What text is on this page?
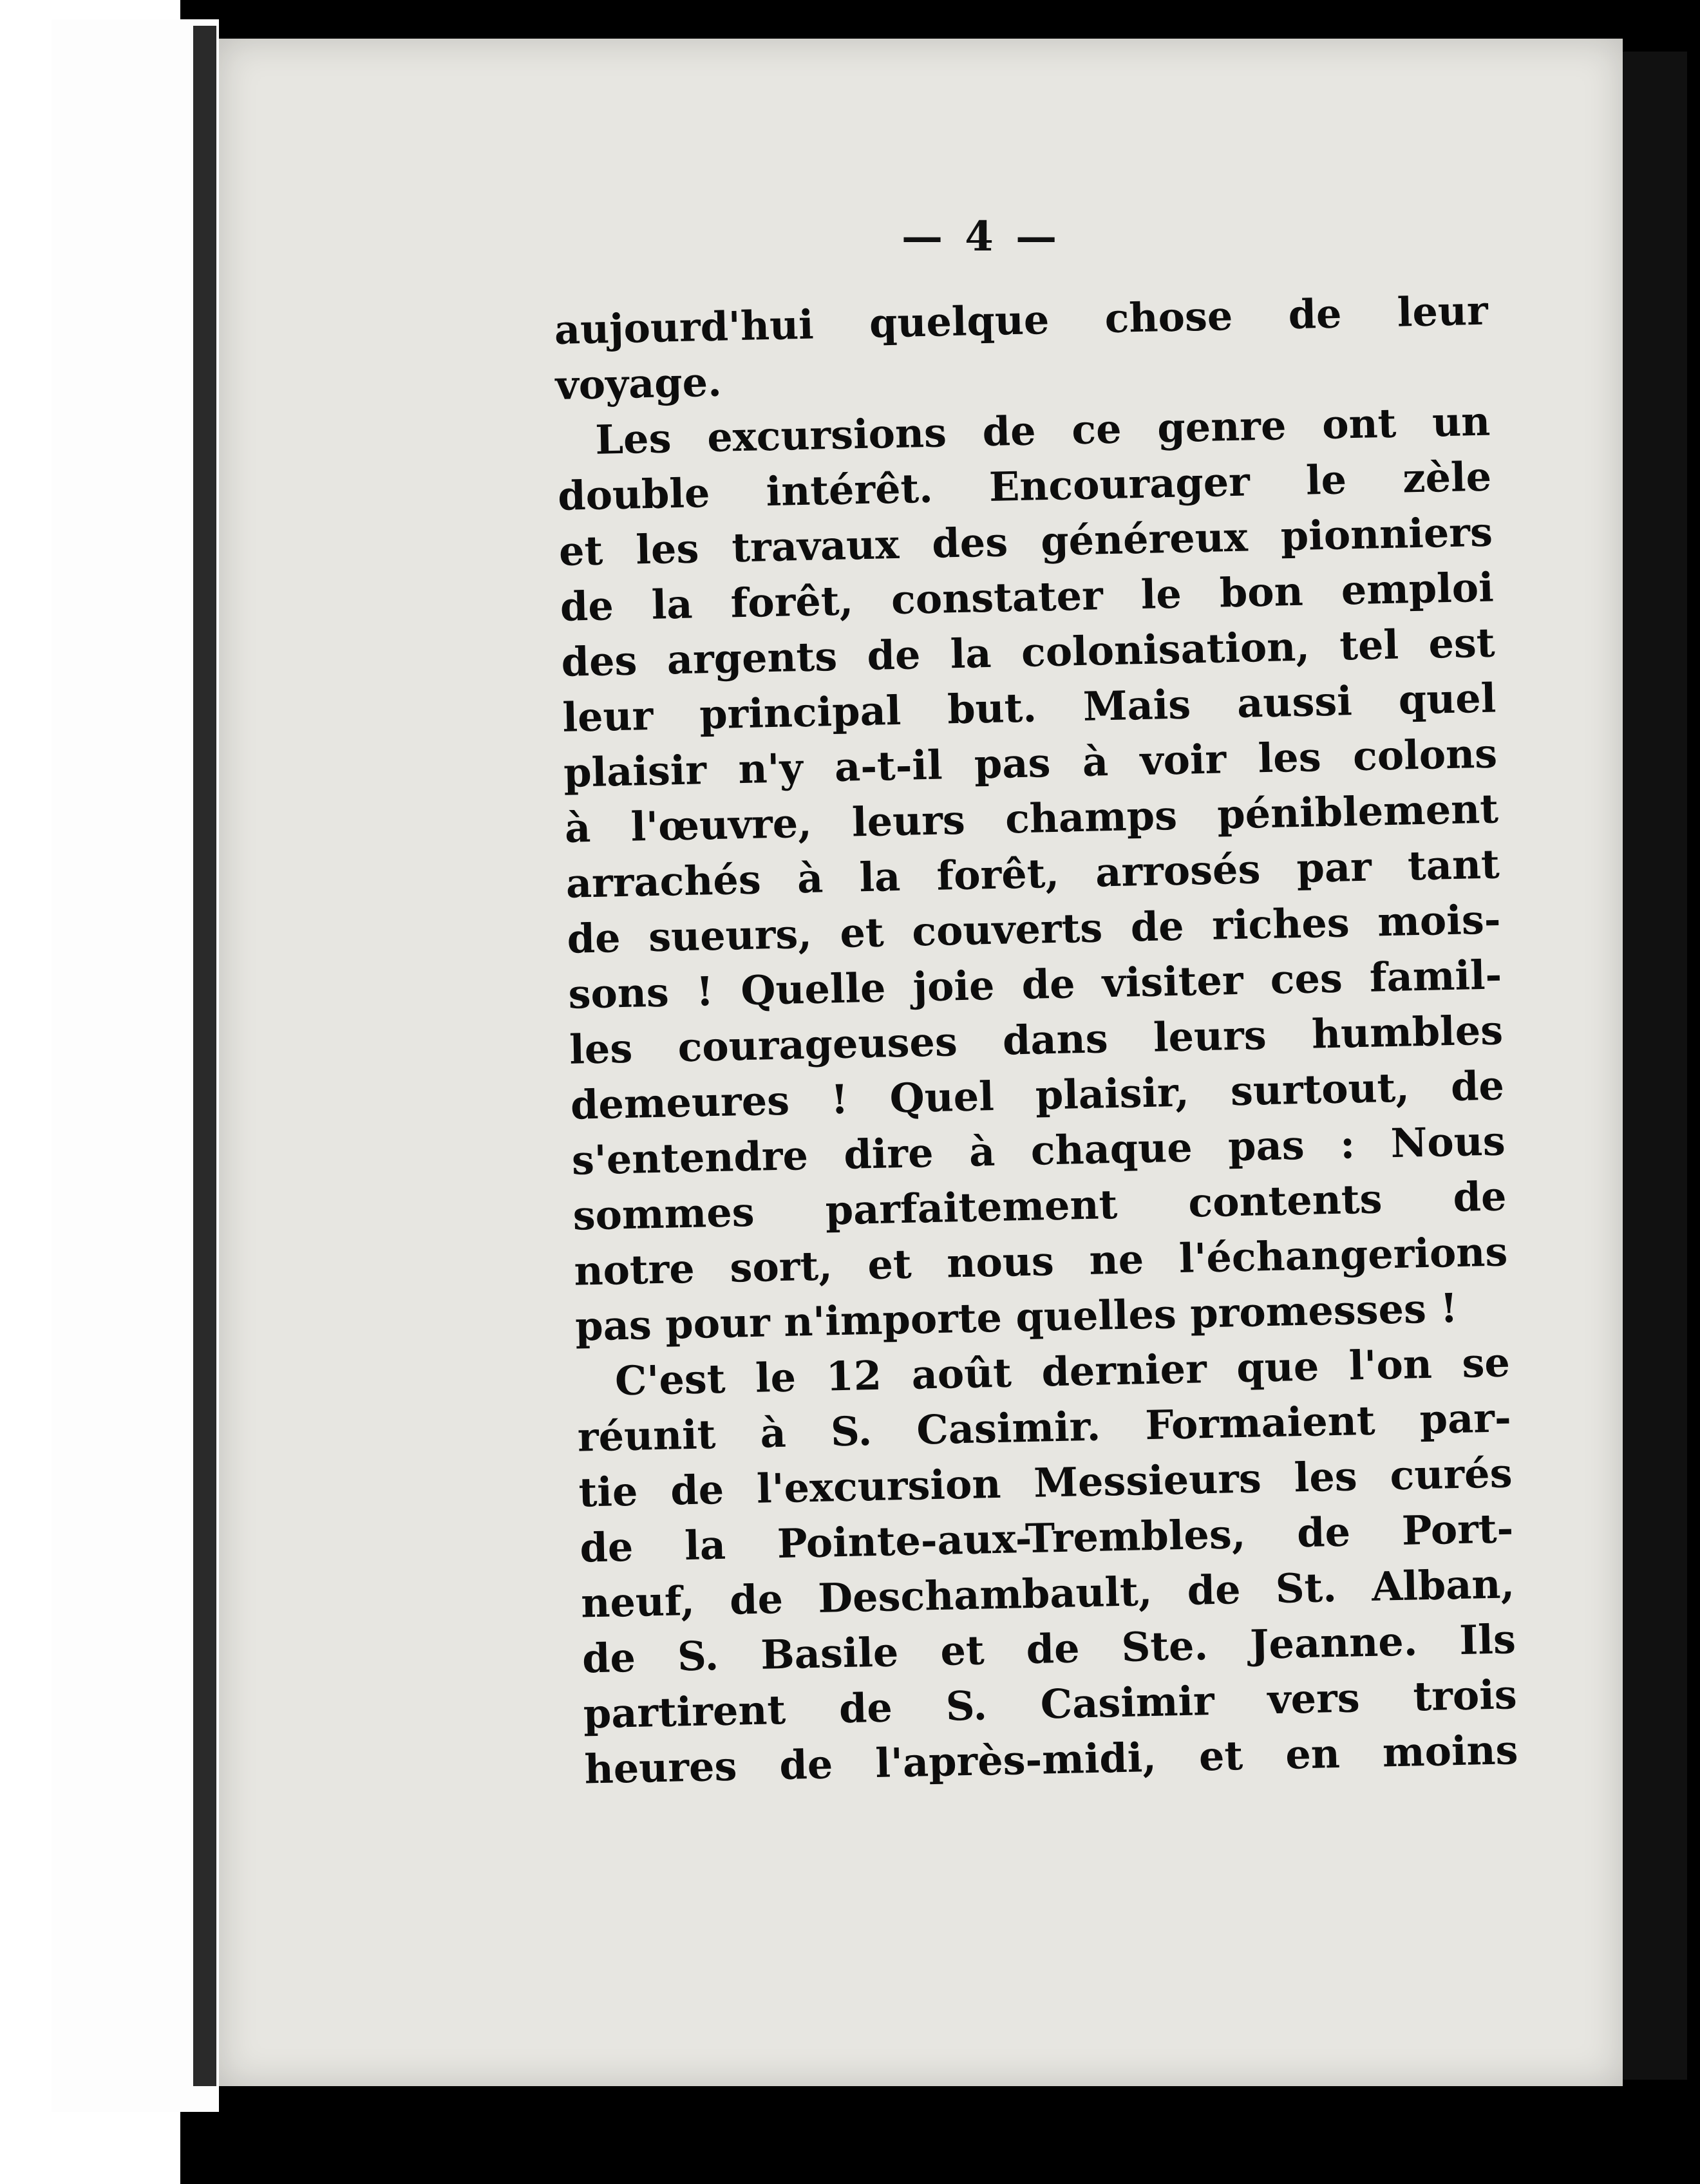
— 4 —
aujourd'hui quelque chose de leur
voyage.
Les excursions de ce genre ont un
double intérêt. Encourager le zèle
et les travaux des généreux pionniers
de la forêt, constater le bon emploi
des argents de la colonisation, tel est
leur principal but. Mais aussi quel
plaisir n'y a-t-il pas à voir les colons
à l'œuvre, leurs champs péniblement
arrachés à la forêt, arrosés par tant
de sueurs, et couverts de riches mois-
sons ! Quelle joie de visiter ces famil-
les courageuses dans leurs humbles
demeures ! Quel plaisir, surtout, de
s'entendre dire à chaque pas : Nous
sommes parfaitement contents de
notre sort, et nous ne l'échangerions
pas pour n'importe quelles promesses !
C'est le 12 août dernier que l'on se
réunit à S. Casimir. Formaient par-
tie de l'excursion Messieurs les curés
de la Pointe-aux-Trembles, de Port-
neuf, de Deschambault, de St. Alban,
de S. Basile et de Ste. Jeanne. Ils
partirent de S. Casimir vers trois
heures de l'après-midi, et en moins
